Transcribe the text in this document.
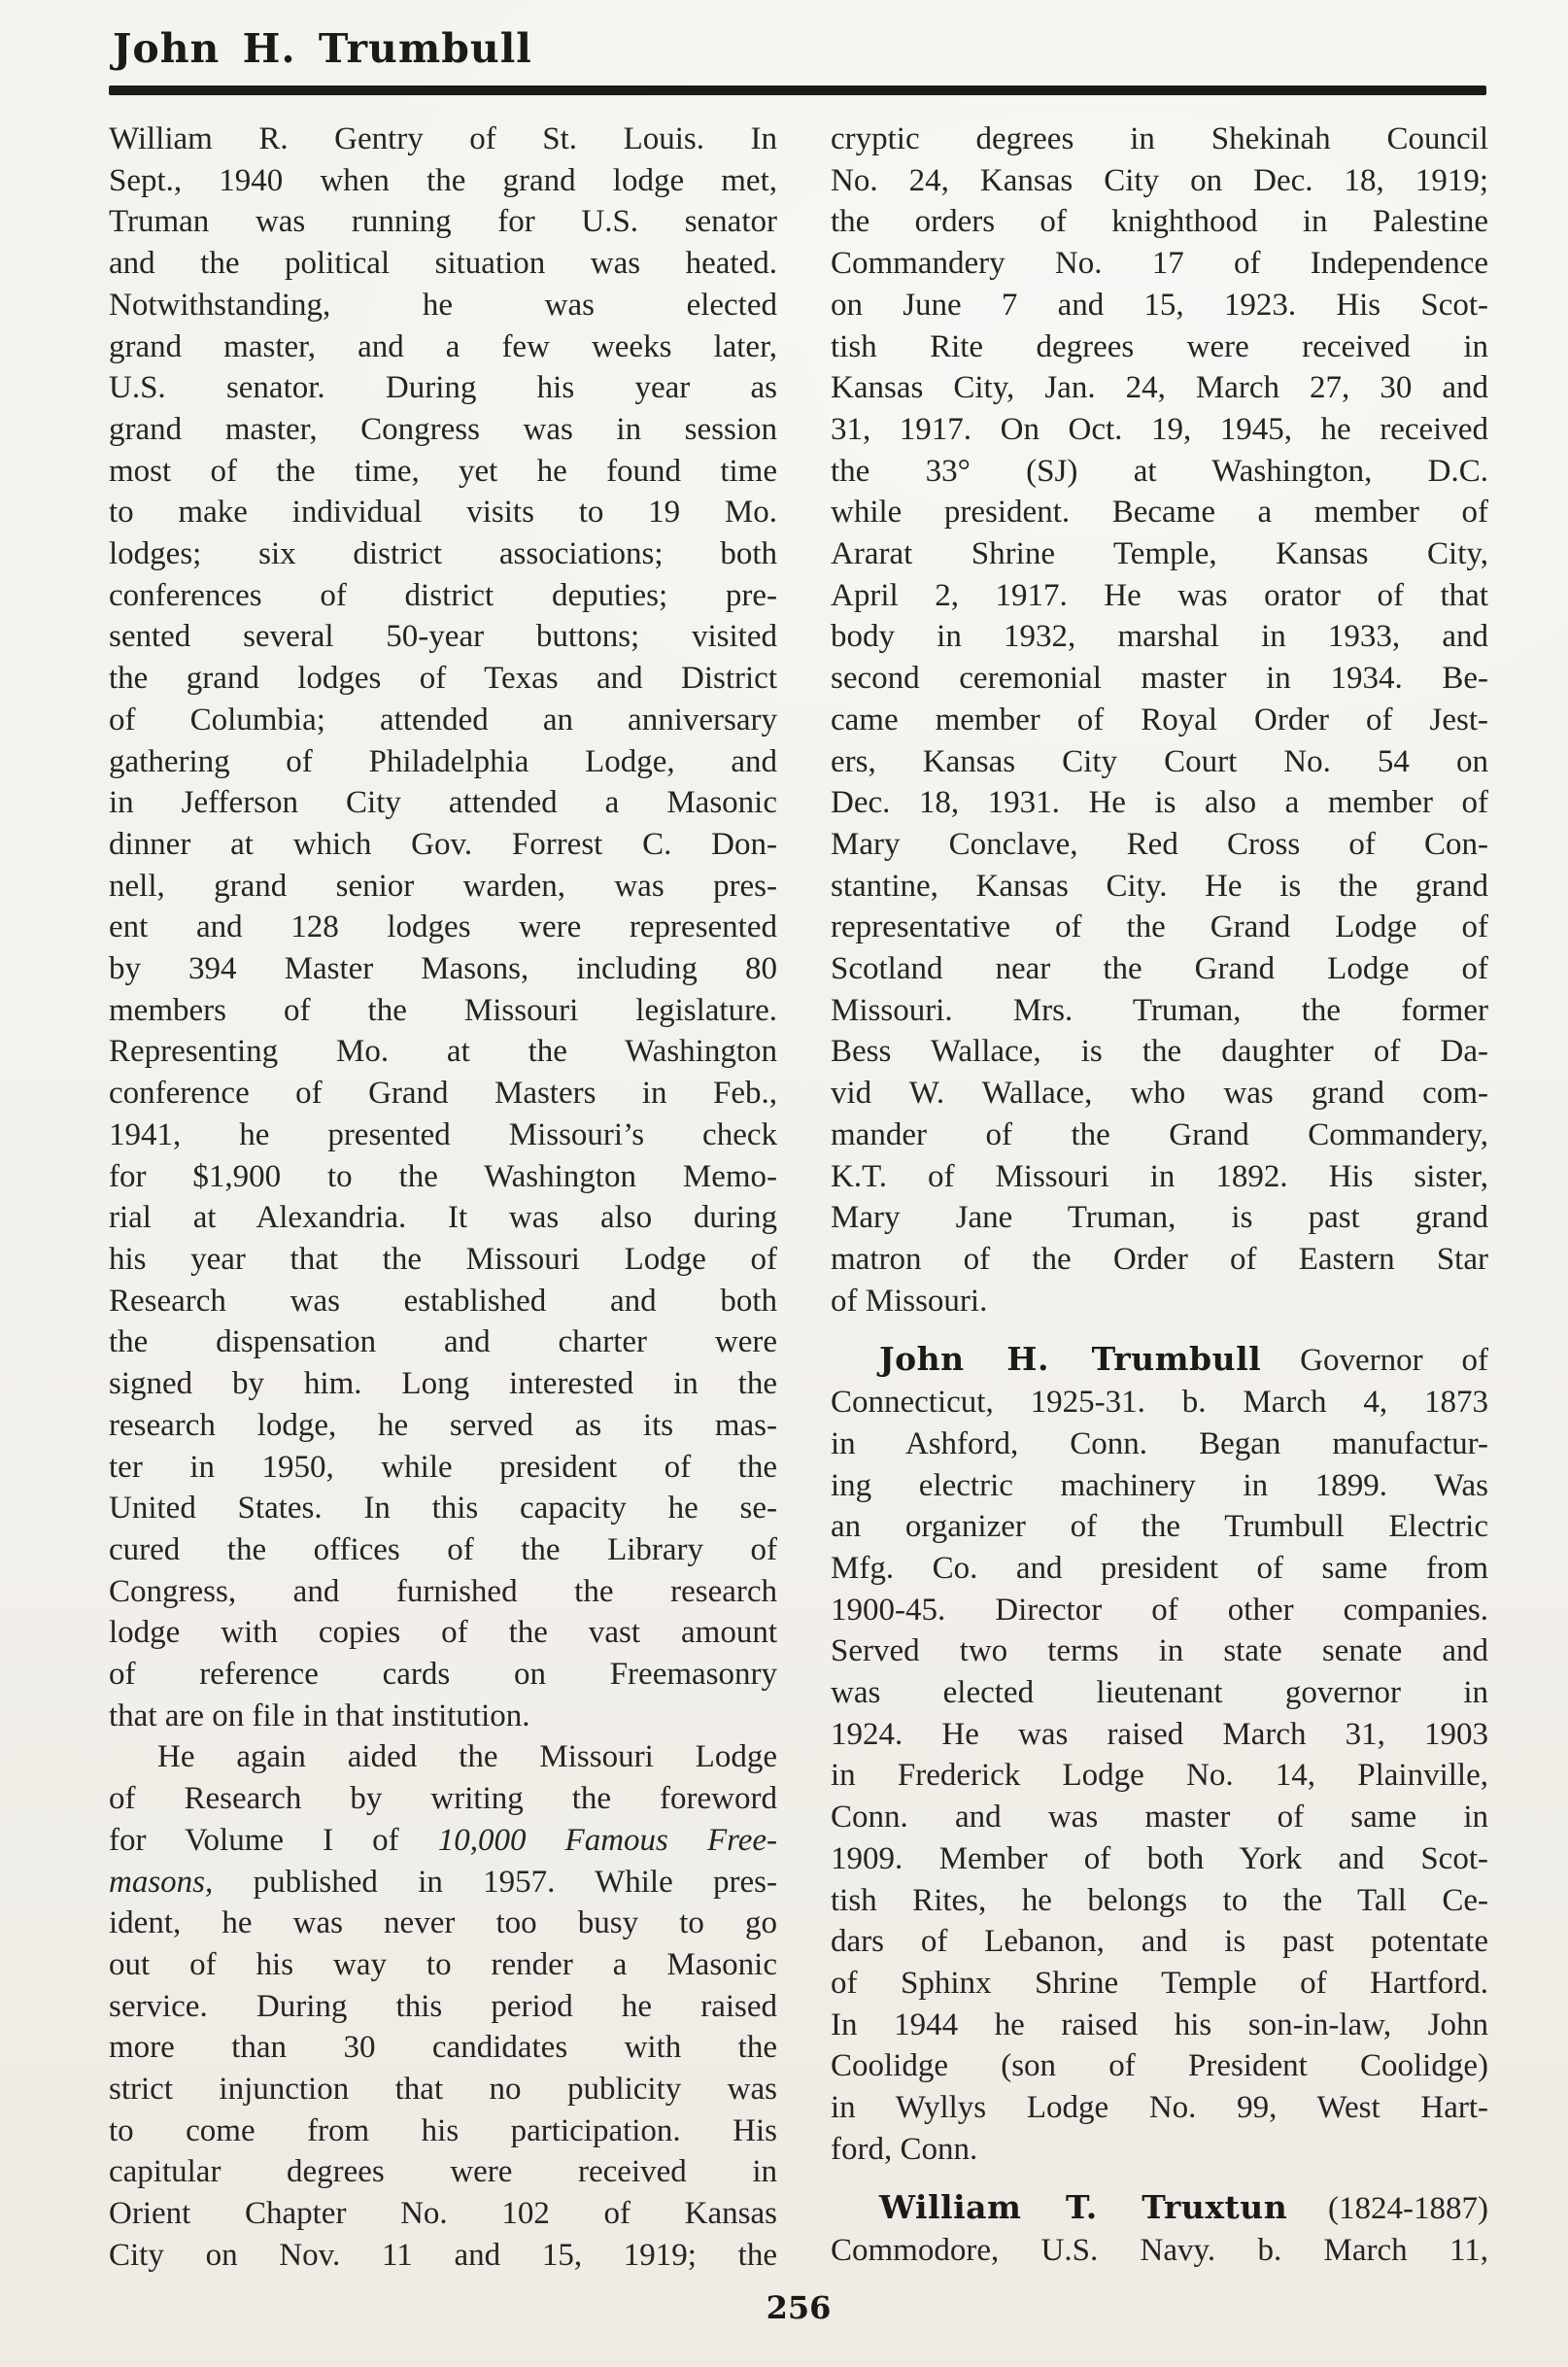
John H. Trumbull
William R. Gentry of St. Louis. In
Sept., 1940 when the grand lodge met,
Truman was running for U.S. senator
and the political situation was heated.
Notwithstanding, he was elected
grand master, and a few weeks later,
U.S. senator. During his year as
grand master, Congress was in session
most of the time, yet he found time
to make individual visits to 19 Mo.
lodges; six district associations; both
conferences of district deputies; pre-
sented several 50-year buttons; visited
the grand lodges of Texas and District
of Columbia; attended an anniversary
gathering of Philadelphia Lodge, and
in Jefferson City attended a Masonic
dinner at which Gov. Forrest C. Don-
nell, grand senior warden, was pres-
ent and 128 lodges were represented
by 394 Master Masons, including 80
members of the Missouri legislature.
Representing Mo. at the Washington
conference of Grand Masters in Feb.,
1941, he presented Missouri’s check
for $1,900 to the Washington Memo-
rial at Alexandria. It was also during
his year that the Missouri Lodge of
Research was established and both
the dispensation and charter were
signed by him. Long interested in the
research lodge, he served as its mas-
ter in 1950, while president of the
United States. In this capacity he se-
cured the offices of the Library of
Congress, and furnished the research
lodge with copies of the vast amount
of reference cards on Freemasonry
that are on file in that institution.
He again aided the Missouri Lodge
of Research by writing the foreword
for Volume I of 10,000 Famous Free-
masons, published in 1957. While pres-
ident, he was never too busy to go
out of his way to render a Masonic
service. During this period he raised
more than 30 candidates with the
strict injunction that no publicity was
to come from his participation. His
capitular degrees were received in
Orient Chapter No. 102 of Kansas
City on Nov. 11 and 15, 1919; the
cryptic degrees in Shekinah Council
No. 24, Kansas City on Dec. 18, 1919;
the orders of knighthood in Palestine
Commandery No. 17 of Independence
on June 7 and 15, 1923. His Scot-
tish Rite degrees were received in
Kansas City, Jan. 24, March 27, 30 and
31, 1917. On Oct. 19, 1945, he received
the 33° (SJ) at Washington, D.C.
while president. Became a member of
Ararat Shrine Temple, Kansas City,
April 2, 1917. He was orator of that
body in 1932, marshal in 1933, and
second ceremonial master in 1934. Be-
came member of Royal Order of Jest-
ers, Kansas City Court No. 54 on
Dec. 18, 1931. He is also a member of
Mary Conclave, Red Cross of Con-
stantine, Kansas City. He is the grand
representative of the Grand Lodge of
Scotland near the Grand Lodge of
Missouri. Mrs. Truman, the former
Bess Wallace, is the daughter of Da-
vid W. Wallace, who was grand com-
mander of the Grand Commandery,
K.T. of Missouri in 1892. His sister,
Mary Jane Truman, is past grand
matron of the Order of Eastern Star
of Missouri.
John H. Trumbull Governor of
Connecticut, 1925-31. b. March 4, 1873
in Ashford, Conn. Began manufactur-
ing electric machinery in 1899. Was
an organizer of the Trumbull Electric
Mfg. Co. and president of same from
1900-45. Director of other companies.
Served two terms in state senate and
was elected lieutenant governor in
1924. He was raised March 31, 1903
in Frederick Lodge No. 14, Plainville,
Conn. and was master of same in
1909. Member of both York and Scot-
tish Rites, he belongs to the Tall Ce-
dars of Lebanon, and is past potentate
of Sphinx Shrine Temple of Hartford.
In 1944 he raised his son-in-law, John
Coolidge (son of President Coolidge)
in Wyllys Lodge No. 99, West Hart-
ford, Conn.
William T. Truxtun (1824-1887)
Commodore, U.S. Navy. b. March 11,
256
